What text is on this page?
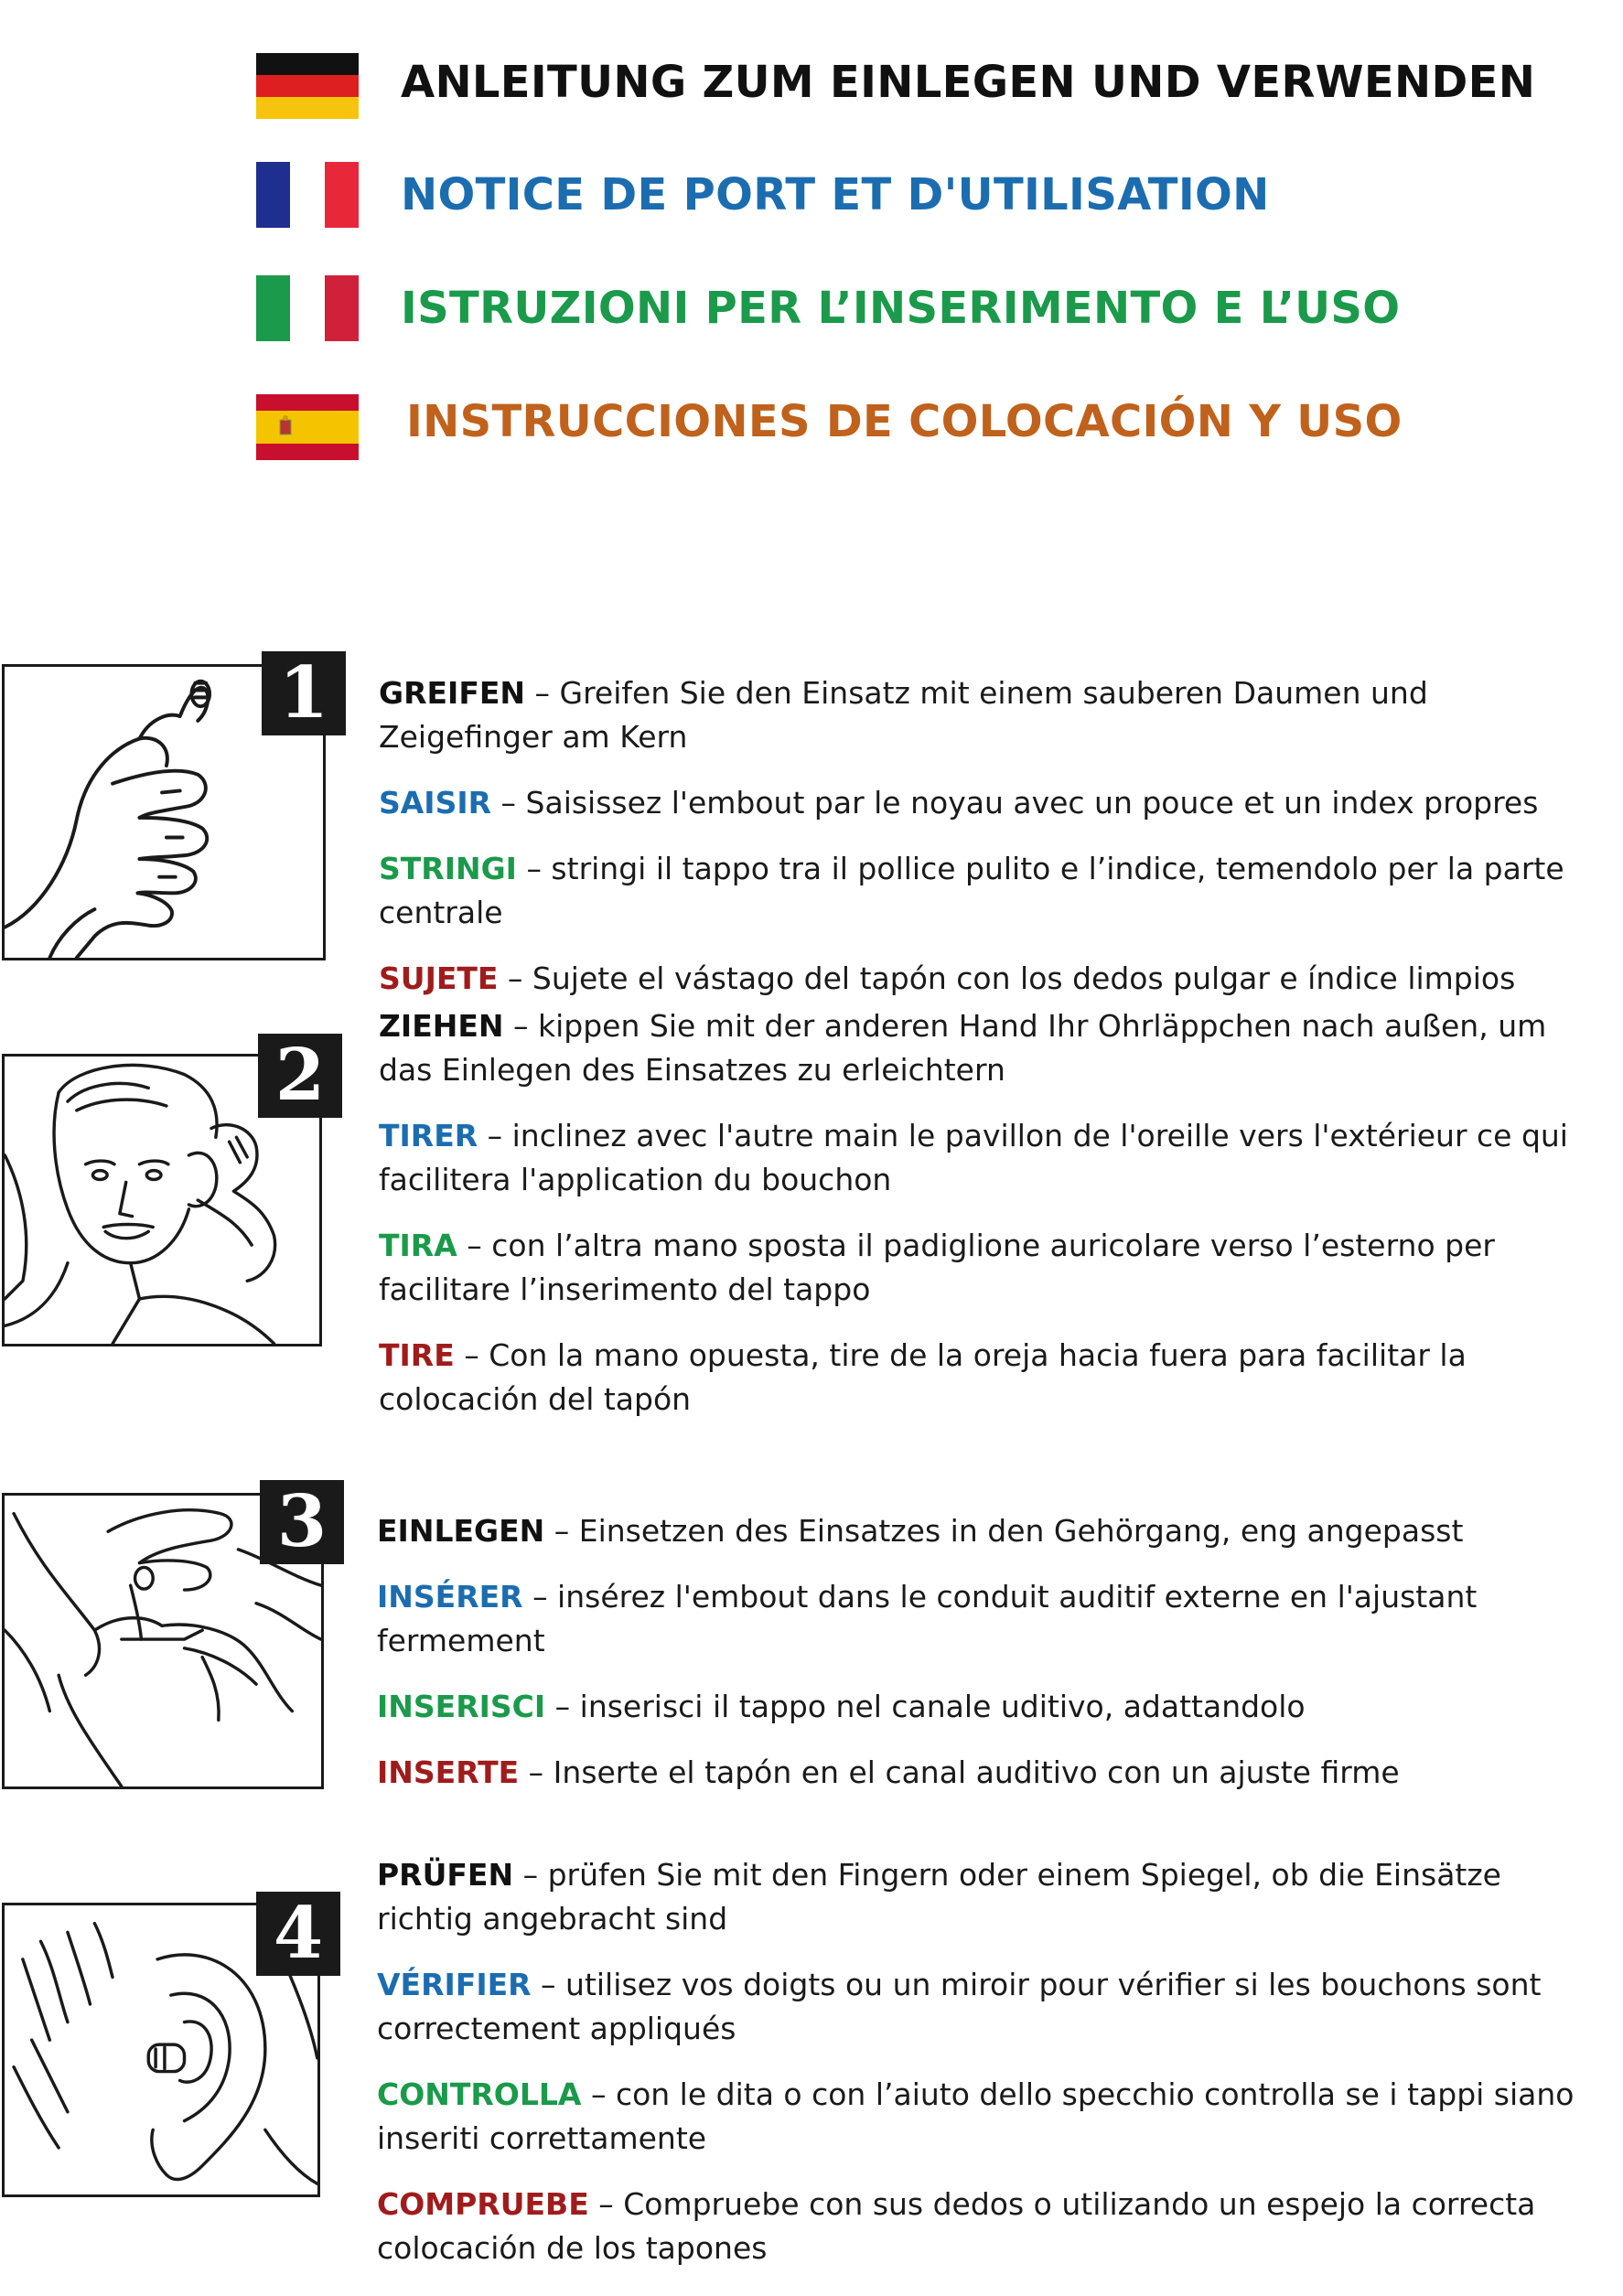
ANLEITUNG ZUM EINLEGEN UND VERWENDEN
NOTICE DE PORT ET D'UTILISATION
ISTRUZIONI PER L’INSERIMENTO E L’USO
INSTRUCCIONES DE COLOCACIÓN Y USO
1	GREIFEN – Greifen Sie den Einsatz mit einem sauberen Daumen und Zeigefinger am Kern

SAISIR – Saisissez l'embout par le noyau avec un pouce et un index propres

STRINGI – stringi il tappo tra il pollice pulito e l’indice, temendolo per la parte centrale

SUJETE – Sujete el vástago del tapón con los dedos pulgar e índice limpios

2

ZIEHEN – kippen Sie mit der anderen Hand Ihr Ohrläppchen nach außen, um das Einlegen des Einsatzes zu erleichtern

TIRER – inclinez avec l'autre main le pavillon de l'oreille vers l'extérieur ce qui facilitera l'application du bouchon

TIRA – con l’altra mano sposta il padiglione auricolare verso l’esterno per facilitare l’inserimento del tappo

TIRE – Con la mano opuesta, tire de la oreja hacia fuera para facilitar la colocación del tapón

3	EINLEGEN – Einsetzen des Einsatzes in den Gehörgang, eng angepasst

INSÉRER – insérez l'embout dans le conduit auditif externe en l'ajustant fermement

INSERISCI – inserisci il tappo nel canale uditivo, adattandolo

INSERTE – Inserte el tapón en el canal auditivo con un ajuste firme

4

PRÜFEN – prüfen Sie mit den Fingern oder einem Spiegel, ob die Einsätze richtig angebracht sind

VÉRIFIER – utilisez vos doigts ou un miroir pour vérifier si les bouchons sont correctement appliqués

CONTROLLA – con le dita o con l’aiuto dello specchio controlla se i tappi siano inseriti correttamente

COMPRUEBE – Compruebe con sus dedos o utilizando un espejo la correcta colocación de los tapones
